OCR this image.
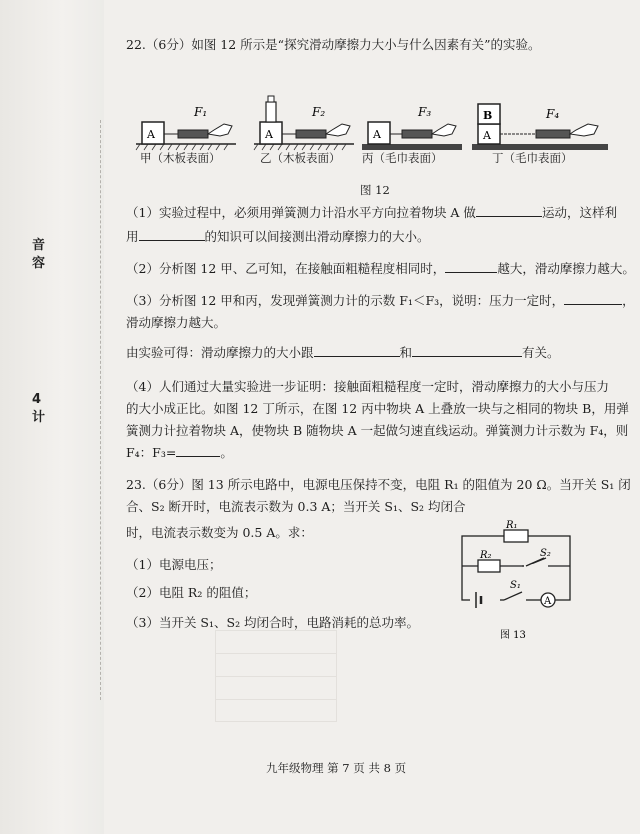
音
容
4
计
22.（6分）如图 12 所示是“探究滑动摩擦力大小与什么因素有关”的实验。
A
F₁
A
F₂
A
F₃	B
A
F₄
甲（木板表面）	乙（木板表面） 丙（毛巾表面）	丁（毛巾表面）
图 12
（1）实验过程中，必须用弹簧测力计沿水平方向拉着物块 A 做	运动，这样利
用	的知识可以间接测出滑动摩擦力的大小。
（2）分析图 12 甲、乙可知，在接触面粗糙程度相同时，	越大，滑动摩擦力越大。
（3）分析图 12 甲和丙，发现弹簧测力计的示数 F₁＜F₃，说明：压力一定时，	，
滑动摩擦力越大。
由实验可得：滑动摩擦力的大小跟	和	有关。
（4）人们通过大量实验进一步证明：接触面粗糙程度一定时，滑动摩擦力的大小与压力
的大小成正比。如图 12 丁所示，在图 12 丙中物块 A 上叠放一块与之相同的物块 B，用弹
簧测力计拉着物块 A，使物块 B 随物块 A 一起做匀速直线运动。弹簧测力计示数为 F₄，则
F₄：F₃=	。
23.（6分）图 13 所示电路中，电源电压保持不变，电阻 R₁ 的阻值为 20 Ω。当开关 S₁ 闭
合、S₂ 断开时，电流表示数为 0.3 A；当开关 S₁、S₂ 均闭合
时，电流表示数变为 0.5 A。求：
（1）电源电压；
（2）电阻 R₂ 的阻值；
（3）当开关 S₁、S₂ 均闭合时，电路消耗的总功率。
R₁
R₂	S₂
S₁
A
图 13
九年级物理 第 7 页 共 8 页
